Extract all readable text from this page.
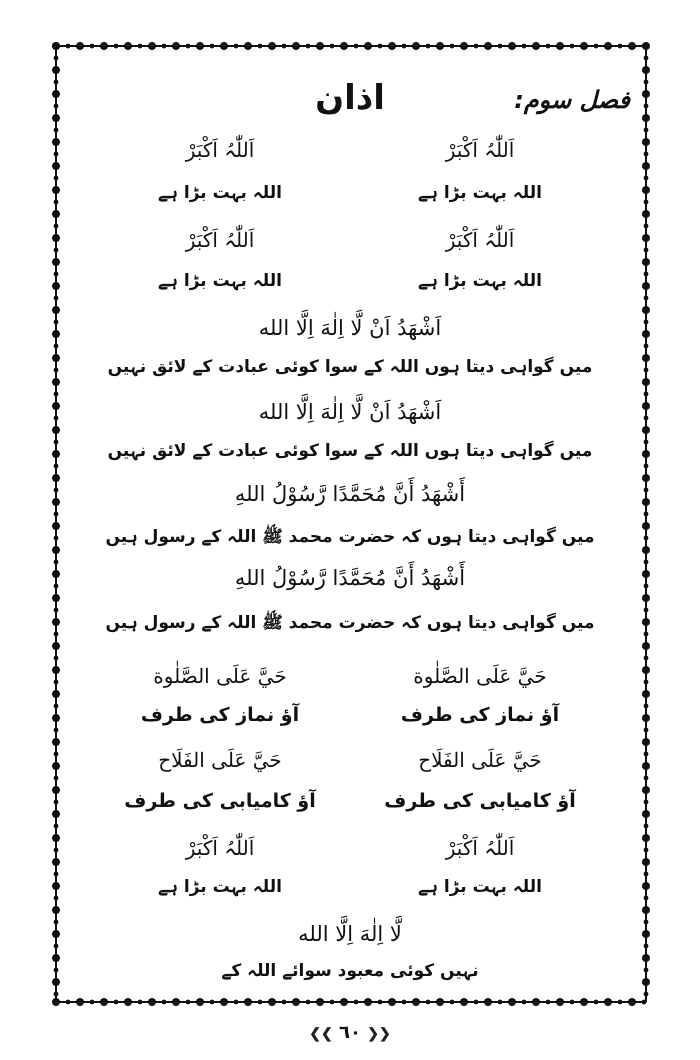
فصل سوم:
اذان
اَللّٰہُ اَکْبَرْ
اَللّٰہُ اَکْبَرْ
اللہ بہت بڑا ہے
اللہ بہت بڑا ہے
اَللّٰہُ اَکْبَرْ
اَللّٰہُ اَکْبَرْ
اللہ بہت بڑا ہے
اللہ بہت بڑا ہے
اَشْهَدُ اَنْ لَّا اِلٰهَ اِلَّا الله
میں گواہی دیتا ہوں اللہ کے سوا کوئی عبادت کے لائق نہیں
اَشْهَدُ اَنْ لَّا اِلٰهَ اِلَّا الله
میں گواہی دیتا ہوں اللہ کے سوا کوئی عبادت کے لائق نہیں
أَشْهَدُ أَنَّ مُحَمَّدًا رَّسُوْلُ اللهِ
میں گواہی دیتا ہوں کہ حضرت محمد ﷺ اللہ کے رسول ہیں
أَشْهَدُ أَنَّ مُحَمَّدًا رَّسُوْلُ اللهِ
میں گواہی دیتا ہوں کہ حضرت محمد ﷺ اللہ کے رسول ہیں
حَيَّ عَلَى الصَّلٰوة
حَيَّ عَلَى الصَّلٰوة
آؤ نماز کی طرف
آؤ نماز کی طرف
حَيَّ عَلَى الفَلَاح
حَيَّ عَلَى الفَلَاح
آؤ کامیابی کی طرف
آؤ کامیابی کی طرف
اَللّٰہُ اَکْبَرْ
اَللّٰہُ اَکْبَرْ
اللہ بہت بڑا ہے
اللہ بہت بڑا ہے
لَّا اِلٰهَ اِلَّا الله
نہیں کوئی معبود سوائے اللہ کے
❮❮ ٦٠ ❯❯
